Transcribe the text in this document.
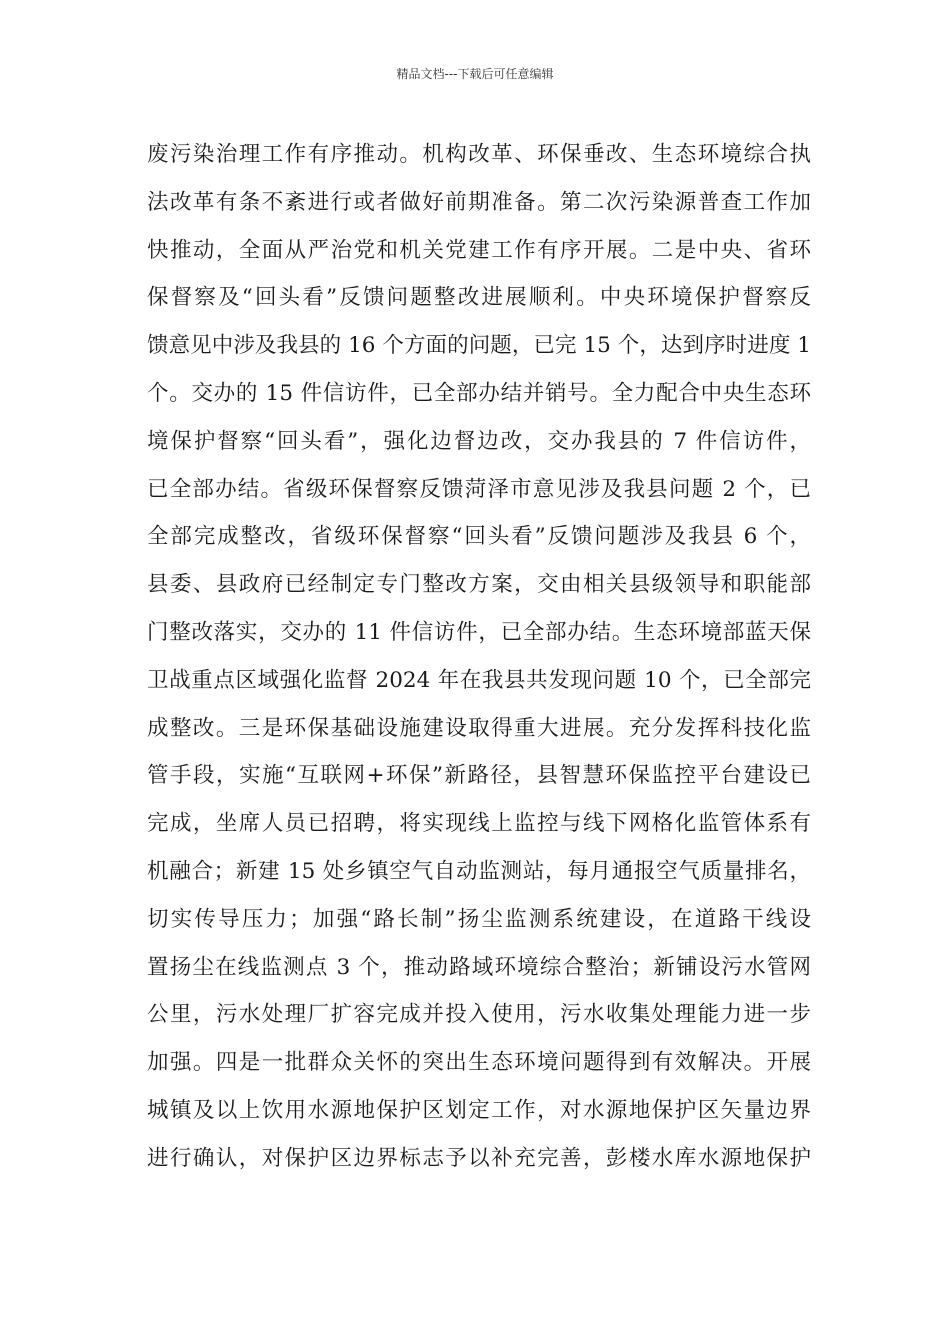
精品文档---下载后可任意编辑
废污染治理工作有序推动。机构改革、环保垂改、生态环境综合执
法改革有条不紊进行或者做好前期准备。第二次污染源普查工作加
快推动，全面从严治党和机关党建工作有序开展。二是中央、省环
保督察及“回头看”反馈问题整改进展顺利。中央环境保护督察反
馈意见中涉及我县的 16 个方面的问题，已完 15 个，达到序时进度 1
个。交办的 15 件信访件，已全部办结并销号。全力配合中央生态环
境保护督察“回头看”，强化边督边改，交办我县的 7 件信访件，
已全部办结。省级环保督察反馈菏泽市意见涉及我县问题 2 个，已
全部完成整改，省级环保督察“回头看”反馈问题涉及我县 6 个，
县委、县政府已经制定专门整改方案，交由相关县级领导和职能部
门整改落实，交办的 11 件信访件，已全部办结。生态环境部蓝天保
卫战重点区域强化监督 2024 年在我县共发现问题 10 个，已全部完
成整改。三是环保基础设施建设取得重大进展。充分发挥科技化监
管手段，实施“互联网+环保”新路径，县智慧环保监控平台建设已
完成，坐席人员已招聘，将实现线上监控与线下网格化监管体系有
机融合；新建 15 处乡镇空气自动监测站，每月通报空气质量排名，
切实传导压力；加强“路长制”扬尘监测系统建设，在道路干线设
置扬尘在线监测点 3 个，推动路域环境综合整治；新铺设污水管网
公里，污水处理厂扩容完成并投入使用，污水收集处理能力进一步
加强。四是一批群众关怀的突出生态环境问题得到有效解决。开展
城镇及以上饮用水源地保护区划定工作，对水源地保护区矢量边界
进行确认，对保护区边界标志予以补充完善，彭楼水库水源地保护
